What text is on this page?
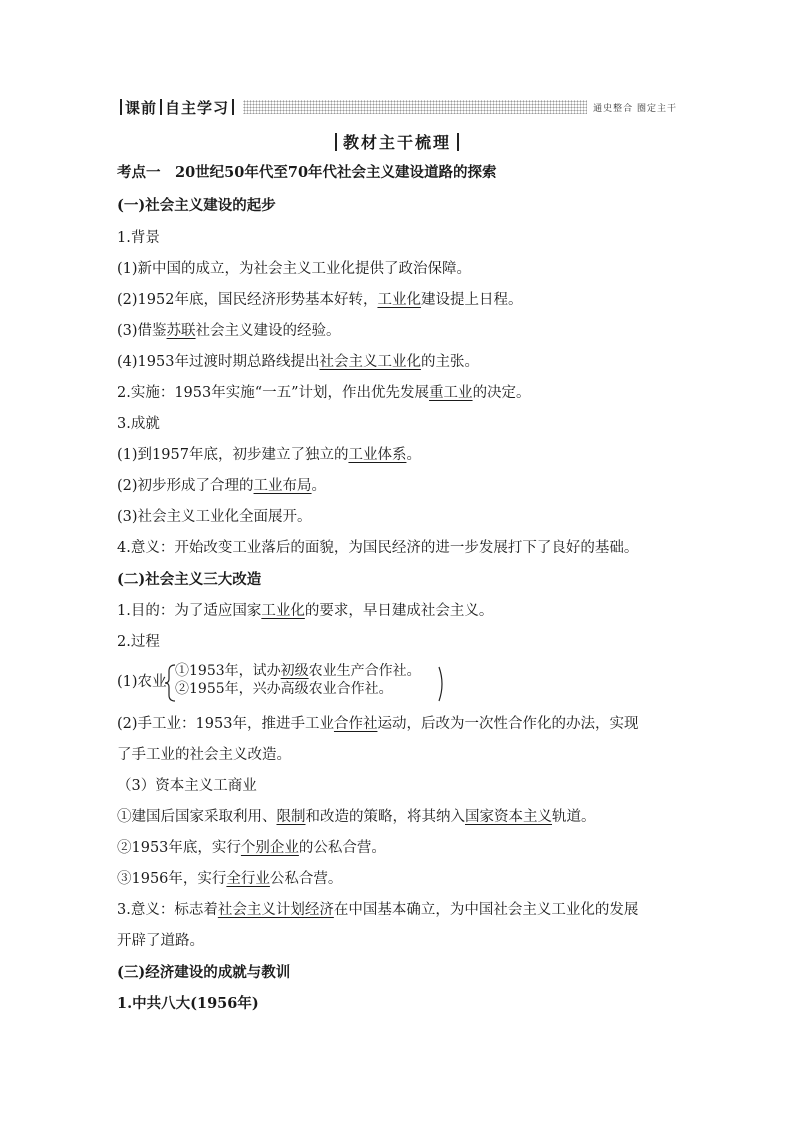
课前 自主学习	通史整合 圈定主干
教材主干梳理
考点一　20世纪50年代至70年代社会主义建设道路的探索
(一)社会主义建设的起步
1.背景
(1)新中国的成立，为社会主义工业化提供了政治保障。
(2)1952年底，国民经济形势基本好转，工业化建设提上日程。
(3)借鉴苏联社会主义建设的经验。
(4)1953年过渡时期总路线提出社会主义工业化的主张。
2.实施：1953年实施“一五”计划，作出优先发展重工业的决定。
3.成就
(1)到1957年底，初步建立了独立的工业体系。
(2)初步形成了合理的工业布局。
(3)社会主义工业化全面展开。
4.意义：开始改变工业落后的面貌，为国民经济的进一步发展打下了良好的基础。
(二)社会主义三大改造
1.目的：为了适应国家工业化的要求，早日建成社会主义。
2.过程
(1)农业
①1953年，试办初级农业生产合作社。
②1955年，兴办高级农业合作社。
(2)手工业：1953年，推进手工业合作社运动，后改为一次性合作化的办法，实现
了手工业的社会主义改造。
（3）资本主义工商业
①建国后国家采取利用、限制和改造的策略，将其纳入国家资本主义轨道。
②1953年底，实行个别企业的公私合营。
③1956年，实行全行业公私合营。
3.意义：标志着社会主义计划经济在中国基本确立，为中国社会主义工业化的发展
开辟了道路。
(三)经济建设的成就与教训
1.中共八大(1956年)
